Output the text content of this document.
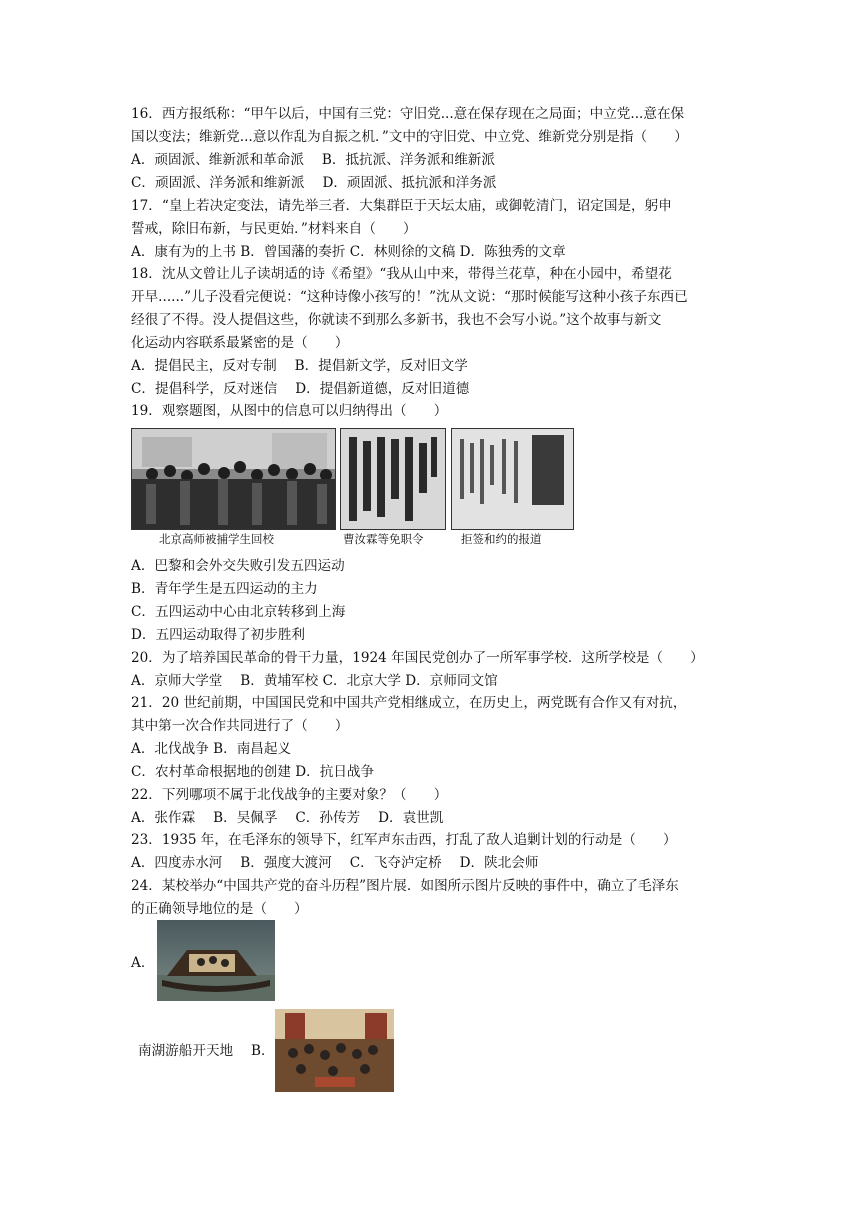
16．西方报纸称：“甲午以后，中国有三党：守旧党...意在保存现在之局面；中立党...意在保
国以变法；维新党...意以作乱为自振之机．”文中的守旧党、中立党、维新党分别是指（　　）
A．顽固派、维新派和革命派　 B．抵抗派、洋务派和维新派
C．顽固派、洋务派和维新派　 D．顽固派、抵抗派和洋务派
17．“皇上若决定变法，请先举三者．大集群臣于天坛太庙，或御乾清门，诏定国是，躬申
誓戒，除旧布新，与民更始．”材料来自（　　）
A．康有为的上书 B．曾国藩的奏折 C．林则徐的文稿 D．陈独秀的文章
18．沈从文曾让儿子读胡适的诗《希望》“我从山中来，带得兰花草，种在小园中，希望花
开早......”儿子没看完便说：“这种诗像小孩写的！”沈从文说：“那时候能写这种小孩子东西已
经很了不得。没人提倡这些，你就读不到那么多新书，我也不会写小说。”这个故事与新文
化运动内容联系最紧密的是（　　）
A．提倡民主，反对专制　 B．提倡新文学，反对旧文学
C．提倡科学，反对迷信　 D．提倡新道德，反对旧道德
19．观察题图，从图中的信息可以归纳得出（　　）
北京高师被捕学生回校	曹汝霖等免职令	拒签和约的报道
A．巴黎和会外交失败引发五四运动
B．青年学生是五四运动的主力
C．五四运动中心由北京转移到上海
D．五四运动取得了初步胜利
20．为了培养国民革命的骨干力量，1924 年国民党创办了一所军事学校．这所学校是（　　）
A．京师大学堂　 B．黄埔军校 C．北京大学 D．京师同文馆
21．20 世纪前期，中国国民党和中国共产党相继成立，在历史上，两党既有合作又有对抗，
其中第一次合作共同进行了（　　）
A．北伐战争 B．南昌起义
C．农村革命根据地的创建 D．抗日战争
22．下列哪项不属于北伐战争的主要对象？（　　）
A．张作霖　 B．吴佩孚　 C．孙传芳　 D．袁世凯
23．1935 年，在毛泽东的领导下，红军声东击西，打乱了敌人追剿计划的行动是（　　）
A．四度赤水河　 B．强度大渡河　 C．飞夺泸定桥　 D．陕北会师
24．某校举办“中国共产党的奋斗历程”图片展．如图所示图片反映的事件中，确立了毛泽东
的正确领导地位的是（　　）
A．
南湖游船开天地 B．
